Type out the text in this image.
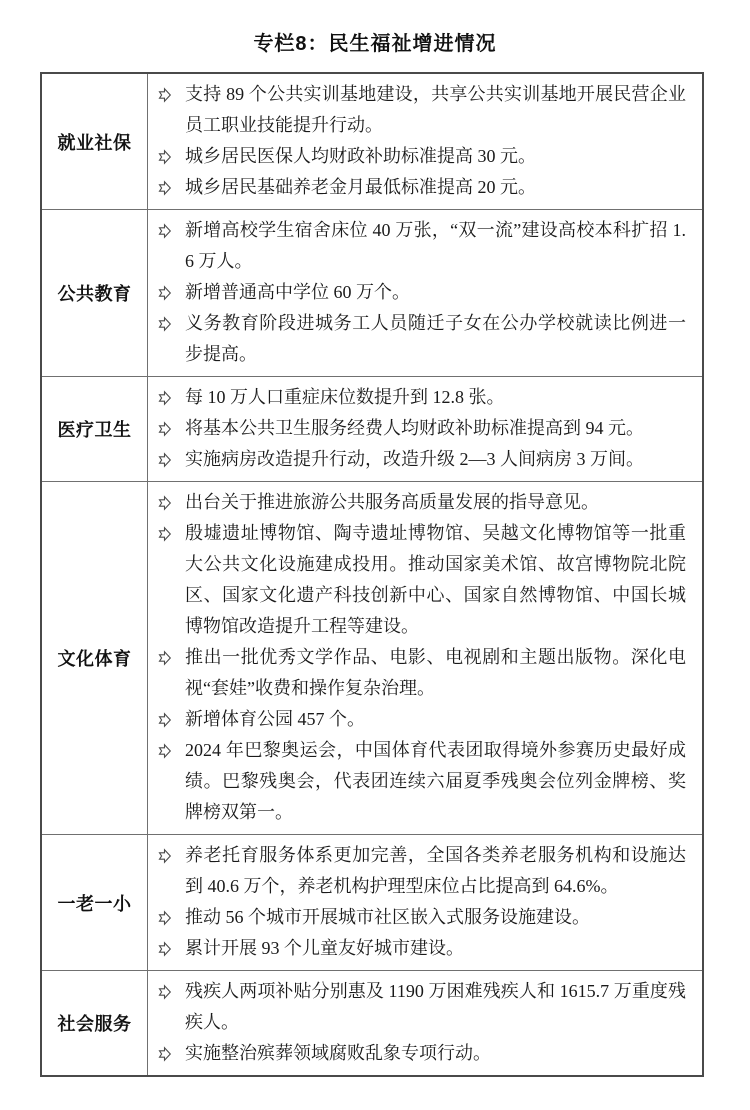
专栏8：民生福祉增进情况
就业社保
支持 89 个公共实训基地建设，共享公共实训基地开展民营企业员工职业技能提升行动。
城乡居民医保人均财政补助标准提高 30 元。
城乡居民基础养老金月最低标准提高 20 元。
公共教育
新增高校学生宿舍床位 40 万张，“双一流”建设高校本科扩招 1.6 万人。
新增普通高中学位 60 万个。
义务教育阶段进城务工人员随迁子女在公办学校就读比例进一步提高。
医疗卫生
每 10 万人口重症床位数提升到 12.8 张。
将基本公共卫生服务经费人均财政补助标准提高到 94 元。
实施病房改造提升行动，改造升级 2—3 人间病房 3 万间。
文化体育
出台关于推进旅游公共服务高质量发展的指导意见。
殷墟遗址博物馆、陶寺遗址博物馆、吴越文化博物馆等一批重大公共文化设施建成投用。推动国家美术馆、故宫博物院北院区、国家文化遗产科技创新中心、国家自然博物馆、中国长城博物馆改造提升工程等建设。
推出一批优秀文学作品、电影、电视剧和主题出版物。深化电视“套娃”收费和操作复杂治理。
新增体育公园 457 个。
2024 年巴黎奥运会，中国体育代表团取得境外参赛历史最好成绩。巴黎残奥会，代表团连续六届夏季残奥会位列金牌榜、奖牌榜双第一。
一老一小
养老托育服务体系更加完善，全国各类养老服务机构和设施达到 40.6 万个，养老机构护理型床位占比提高到 64.6%。
推动 56 个城市开展城市社区嵌入式服务设施建设。
累计开展 93 个儿童友好城市建设。
社会服务
残疾人两项补贴分别惠及 1190 万困难残疾人和 1615.7 万重度残疾人。
实施整治殡葬领域腐败乱象专项行动。
